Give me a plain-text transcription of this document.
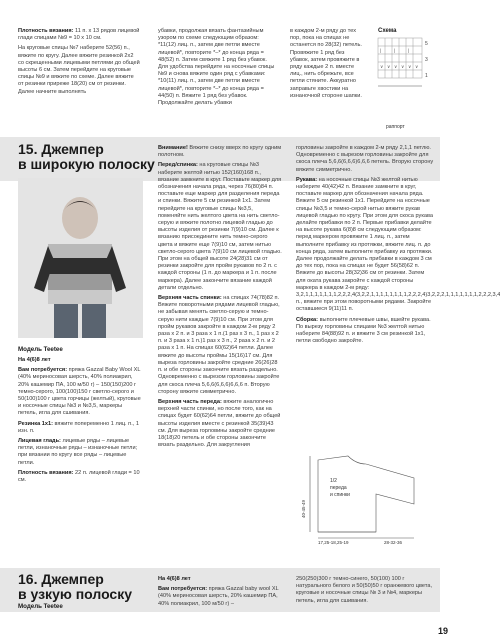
Плотность вязания: 11 п. x 13 рядов лицевой глади спицами №9 = 10 x 10 см.

На круговые спицы №7 наберите 52(56) п., вяжите по кругу. Далее вяжите резинкой 2x2 со скрещенными лицевыми петлями до общей высоты 6 см. Затем перейдите на круговые спицы №9 и вяжите по схеме. Далее вяжите от резинки приреже 18(20) см от резинки. Далее начните выполнять

убавки, продолжая вязать фантазийным узором по схеме следующим образом: *11(12) лиц. п., затем две петли вместе лицевой*, повторите *–* до конца ряда = 48(52) п. Затем свяжите 1 ряд без убавок. Для удобства перейдите на носочные спицы №9 и снова вяжите один ряд с убавками: *10(11) лиц. п., затем две петли вместе лицевой*, повторите *–* до конца ряда = 44(50) п. Вяжите 1 ряд без убавок. Продолжайте делать убавки

в каждом 2-м ряду до тех пор, пока на спицах не останется по 28(32) петель. Провяжите 1 ряд без убавок, затем провяжите в ряду каждые 2 п. вместе лиц., нить обрежьте, все петли стяните. Аккуратно заправьте хвостики на изнаночной стороне шапки.

Схема
∨ ∨ ∨ ∨ ∨ ∨
|	|	|
5
3
1
раппорт
15. Джемпер
в широкую полоску
Модель Teetee

На 4(6)8 лет

Вам потребуется: пряжа Gazzal Baby Wool XL (40% мериносовая шерсть, 40% полиакрил, 20% кашемир ПА, 100 м/50 г) – 150(150)200 г темно-серого, 100(100)150 г светло-серого и 50(100)100 г цвета горчицы (желтый), круговые и носочные спицы №3 и №3,5, маркеры петель, игла для сшивания.

Резинка 1x1: вяжите попеременно 1 лиц. п., 1 изн. п.

Лицевая гладь: лицевые ряды – лицевые петли, изнаночные ряды – изнаночные петли; при вязании по кругу все ряды – лицевые петли.

Плотность вязания: 22 п. лицевой глади = 10 см.

Внимание! Вяжите снизу вверх по кругу одним полотном.

Перед/спинка: на круговые спицы №3 наберите желтой нитью 152(160)168 п., вязание замкните в круг. Поставьте маркер для обозначения начала ряда, через 76(80)84 п. поставьте еще маркер для разделения переда и спинки. Вяжите 5 см резинкой 1x1. Затем перейдите на круговые спицы №3,5, поменяйте нить желтого цвета на нить светло-серую и вяжите полотно лицевой гладью до высоты изделия от резинки 7(9)10 см. Далее к вязанию присоедините нить темно-серого цвета и вяжите еще 7(9)10 см, затем нитью светло-серого цвета 7(9)10 см лицевой гладью. При этом на общей высоте 24(28)31 см от резинки закройте для пройм рукавов по 2 п. с каждой стороны (1 п. до маркера и 1 п. после маркера). Далее закончите вязание каждой детали отдельно.

Верхняя часть спинки: на спицах 74(78)82 п. Вяжите поворотными рядами лицевой гладью, не забывая менять светло-серую и темно-серую нити каждые 7(9)10 см. При этом для пройм рукавов закройте в каждом 2-м ряду 2 раза x 2 п. и 3 раза x 1 п.(1 раз x 3 п., 1 раз x 2 п. и 3 раза x 1 п.)1 раз x 3 п., 2 раза x 2 п. и 2 раза x 1 п. На спицах 60(62)64 петли. Далее вяжите до высоты проймы 15(16)17 см. Для выреза горловины закройте средние 26(26)28 п. и обе стороны закончите вязать раздельно. Одновременно с вырезом горловины закройте для скоса плеча 5,6,6(6,6,6)6,6,6 п. Вторую сторону вяжите симметрично.

Верхняя часть переда: вяжите аналогично верхней части спинки, но после того, как на спицах будет 60(62)64 петли, вяжите до общей высоты изделия вместе с резинкой 35(39)43 см. Для выреза горловины закройте средние 18(18)20 петель и обе стороны закончите вязать раздельно. Для закругления

горловины закройте в каждом 2-м ряду 2,1,1 петлю. Одновременно с вырезом горловины закройте для скоса плеча 5,6,6(6,6,6)6,6,6 петель. Вторую сторону вяжите симметрично.

Рукава: на носочные спицы №3 желтой нитью наберите 40(42)42 п. Вязание замкните в круг, поставьте маркер для обозначения начала ряда. Вяжите 5 см резинкой 1x1. Перейдите на носочные спицы №3,5 и темно-серой нитью вяжите рукав лицевой гладью по кругу. При этом для скоса рукава делайте прибавки по 2 п. Первые прибавки делайте на высоте рукава 6(8)8 см следующим образом: перед маркером провяжите 1 лиц. п., затем выполните прибавку из протяжки, вяжите лиц. п. до конца ряда, затем выполните прибавку из протяжки. Далее продолжайте делать прибавки в каждом 3 см до тех пор, пока на спицах не будет 56(58)62 п. Вяжите до высоты 28(32)36 см от резинки. Затем для оката рукава закройте с каждой стороны маркера в каждом 2-м ряду: 3,2,1,1,1,1,1,1,1,2,2,2,4(3,2,2,1,1,1,1,1,1,1,1,2,2,2,4)3,2,2,2,1,1,1,1,1,1,1,2,2,2,3,4 п., вяжите при этом поворотными рядами. Закройте оставшиеся 9(11)11 п.

Сборка: выполните плечевые швы, вшейте рукава. По вырезу горловины спицами №3 желтой нитью наберите 84(88)92 п. и вяжите 3 см резинкой 1x1, петли свободно закройте.

1/2
переда
и спинки
40-45-49
17,25-18,25-19	28-32-36
16. Джемпер
в узкую полоску
Модель Teetee

На 4(6)8 лет

Вам потребуется: пряжа Gazzal baby wool XL (40% мериносовая шерсть, 20% кашемир ПА, 40% полиакрил, 100 м/50 г) –

250(250)300 г темно-синего, 50(100) 100 г натурального белого и 50(50)50 г оранжевого цвета, круговые и носочные спицы № 3 и №4, маркеры петель, игла для сшивания.

19
